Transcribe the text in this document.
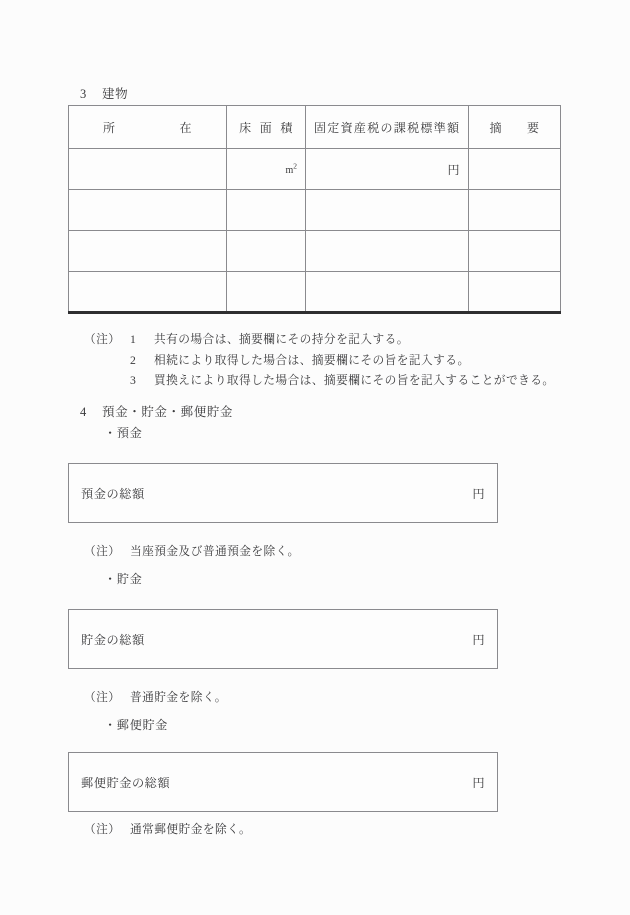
3 建物
所 在	床 面 積	固定資産税の課税標準額	摘 要

	$m^2$	円	

（注） 1	共有の場合は、摘要欄にその持分を記入する。
2	相続により取得した場合は、摘要欄にその旨を記入する。
3	買換えにより取得した場合は、摘要欄にその旨を記入することができる。
4 預金・貯金・郵便貯金
・預金
預金の総額	円
（注） 当座預金及び普通預金を除く。
・貯金
貯金の総額	円
（注） 普通貯金を除く。
・郵便貯金
郵便貯金の総額	円
（注） 通常郵便貯金を除く。
